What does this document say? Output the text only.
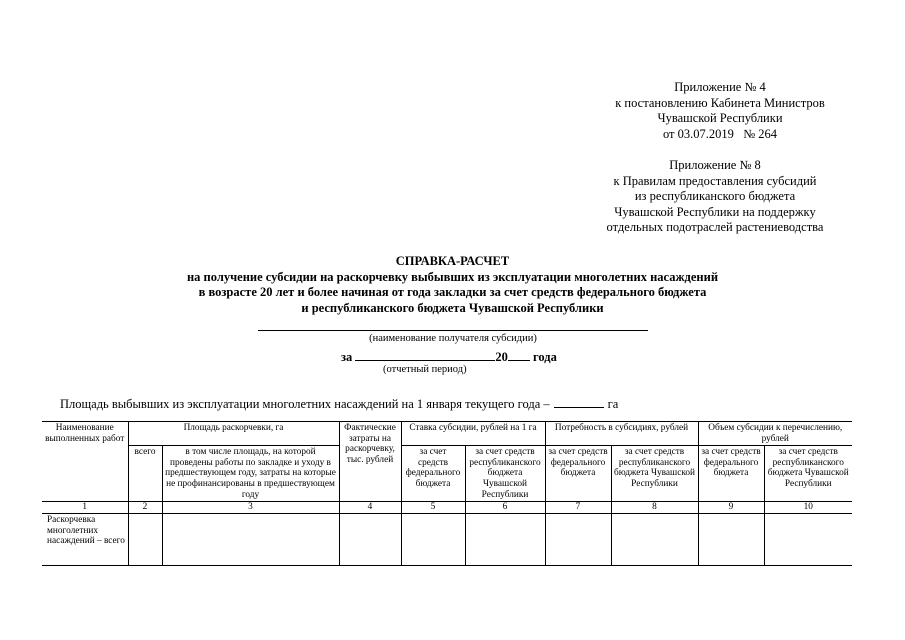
Приложение № 4
к постановлению Кабинета Министров
Чувашской Республики
от 03.07.2019   № 264
Приложение № 8
к Правилам предоставления субсидий
из республиканского бюджета
Чувашской Республики на поддержку
отдельных подотраслей растениеводства
СПРАВКА-РАСЧЕТ
на получение субсидии на раскорчевку выбывших из эксплуатации многолетних насаждений
в возрасте 20 лет и более начиная от года закладки за счет средств федерального бюджета
и республиканского бюджета Чувашской Республики
(наименование получателя субсидии)
за	20 года
(отчетный период)
Площадь выбывших из эксплуатации многолетних насаждений на 1 января текущего года –	га
Наименование выполненных работ	Площадь раскорчевки, га		Фактические затраты на раскорчевку, тыс. рублей	Ставка субсидии, рублей на 1 га		Потребность в субсидиях, рублей		Объем субсидии к перечислению, рублей	
	всего	в том числе площадь, на которой проведены работы по закладке и уходу в предшествующем году, затраты на которые не профинансированы в предшествующем году		за счет средств федерального бюджета	за счет средств республиканского бюджета Чувашской Республики	за счет средств федерального бюджета	за счет средств республиканского бюджета Чувашской Республики	за счет средств федерального бюджета	за счет средств республиканского бюджета Чувашской Республики
1	2	3	4	5	6	7	8	9	10
Раскорчевка многолетних насаждений – всего									
